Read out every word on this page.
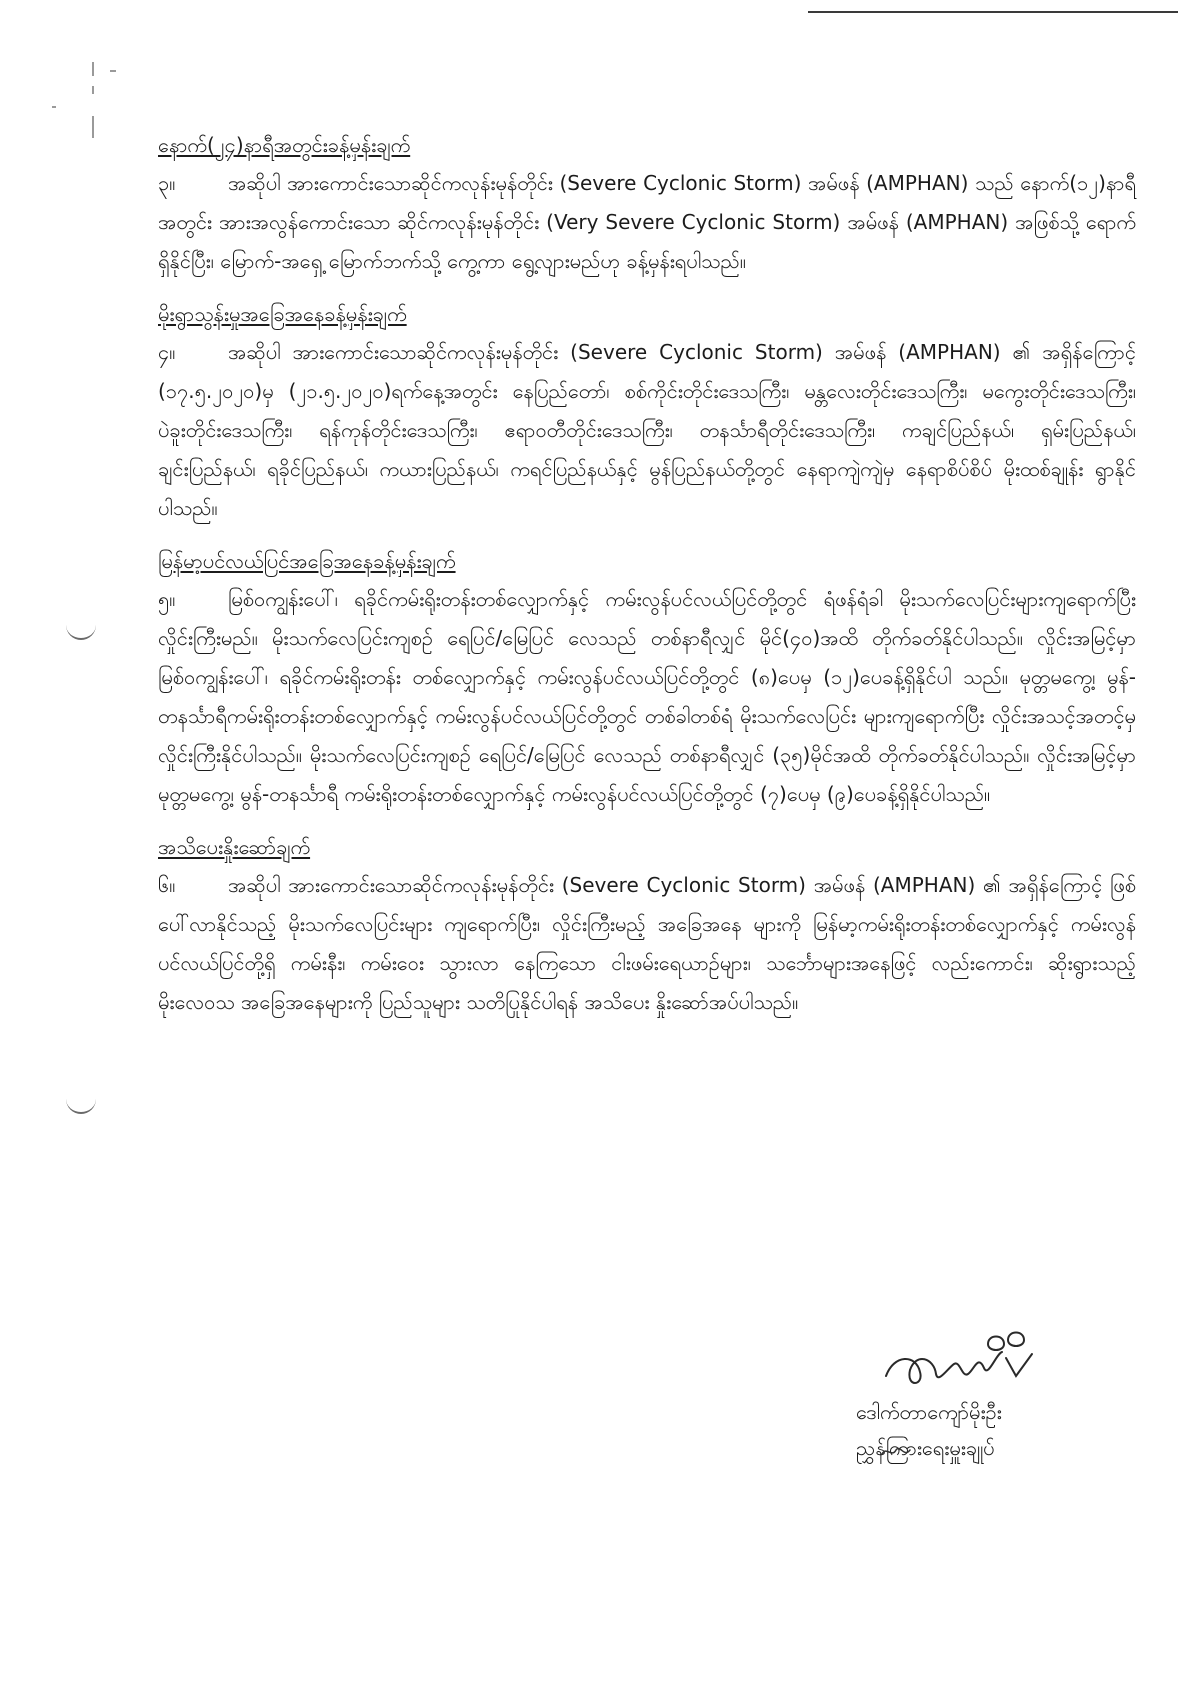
နောက်(၂၄)နာရီအတွင်းခန့်မှန်းချက်

၃။	အဆိုပါ အားကောင်းသောဆိုင်ကလုန်းမုန်တိုင်း (Severe Cyclonic Storm) အမ်ဖန် (AMPHAN) သည် နောက်(၁၂)နာရီအတွင်း အားအလွန်ကောင်းသော ဆိုင်ကလုန်းမုန်တိုင်း (Very Severe Cyclonic Storm) အမ်ဖန် (AMPHAN) အဖြစ်သို့ ရောက်ရှိနိုင်ပြီး၊ မြောက်-အရှေ့ မြောက်ဘက်သို့ ကွေ့ကာ ရွေ့လျားမည်ဟု ခန့်မှန်းရပါသည်။

မိုးရွာသွန်းမှုအခြေအနေခန့်မှန်းချက်

၄။	အဆိုပါ အားကောင်းသောဆိုင်ကလုန်းမုန်တိုင်း (Severe Cyclonic Storm) အမ်ဖန် (AMPHAN) ၏ အရှိန်ကြောင့် (၁၇.၅.၂၀၂၀)မှ (၂၁.၅.၂၀၂၀)ရက်နေ့အတွင်း နေပြည်တော်၊ စစ်ကိုင်းတိုင်းဒေသကြီး၊ မန္တလေးတိုင်းဒေသကြီး၊ မကွေးတိုင်းဒေသကြီး၊ ပဲခူးတိုင်းဒေသကြီး၊ ရန်ကုန်တိုင်းဒေသကြီး၊ ဧရာဝတီတိုင်းဒေသကြီး၊ တနင်္သာရီတိုင်းဒေသကြီး၊ ကချင်ပြည်နယ်၊ ရှမ်းပြည်နယ်၊ ချင်းပြည်နယ်၊ ရခိုင်ပြည်နယ်၊ ကယားပြည်နယ်၊ ကရင်ပြည်နယ်နှင့် မွန်ပြည်နယ်တို့တွင် နေရာကျဲကျဲမှ နေရာစိပ်စိပ် မိုးထစ်ချုန်း ရွာနိုင်ပါသည်။

မြန်မာ့ပင်လယ်ပြင်အခြေအနေခန့်မှန်းချက်

၅။	မြစ်ဝကျွန်းပေါ်၊ ရခိုင်ကမ်းရိုးတန်းတစ်လျှောက်နှင့် ကမ်းလွန်ပင်လယ်ပြင်တို့တွင် ရံဖန်ရံခါ မိုးသက်လေပြင်းများကျရောက်ပြီး လှိုင်းကြီးမည်။ မိုးသက်လေပြင်းကျစဉ် ရေပြင်/မြေပြင် လေသည် တစ်နာရီလျှင် မိုင်(၄၀)အထိ တိုက်ခတ်နိုင်ပါသည်။ လှိုင်းအမြင့်မှာ မြစ်ဝကျွန်းပေါ်၊ ရခိုင်ကမ်းရိုးတန်း တစ်လျှောက်နှင့် ကမ်းလွန်ပင်လယ်ပြင်တို့တွင် (၈)ပေမှ (၁၂)ပေခန့်ရှိနိုင်ပါ သည်။ မုတ္တမကွေ့၊ မွန်-တနင်္သာရီကမ်းရိုးတန်းတစ်လျှောက်နှင့် ကမ်းလွန်ပင်လယ်ပြင်တို့တွင် တစ်ခါတစ်ရံ မိုးသက်လေပြင်း များကျရောက်ပြီး လှိုင်းအသင့်အတင့်မှ လှိုင်းကြီးနိုင်ပါသည်။ မိုးသက်လေပြင်းကျစဉ် ရေပြင်/မြေပြင် လေသည် တစ်နာရီလျှင် (၃၅)မိုင်အထိ တိုက်ခတ်နိုင်ပါသည်။ လှိုင်းအမြင့်မှာ မုတ္တမကွေ့၊ မွန်-တနင်္သာရီ ကမ်းရိုးတန်းတစ်လျှောက်နှင့် ကမ်းလွန်ပင်လယ်ပြင်တို့တွင် (၇)ပေမှ (၉)ပေခန့်ရှိနိုင်ပါသည်။

အသိပေးနှိုးဆော်ချက်

၆။	အဆိုပါ အားကောင်းသောဆိုင်ကလုန်းမုန်တိုင်း (Severe Cyclonic Storm) အမ်ဖန် (AMPHAN) ၏ အရှိန်ကြောင့် ဖြစ်ပေါ်လာနိုင်သည့် မိုးသက်လေပြင်းများ ကျရောက်ပြီး၊ လှိုင်းကြီးမည့် အခြေအနေ များကို မြန်မာ့ကမ်းရိုးတန်းတစ်လျှောက်နှင့် ကမ်းလွန်ပင်လယ်ပြင်တို့ရှိ ကမ်းနီး၊ ကမ်းဝေး သွားလာ နေကြသော ငါးဖမ်းရေယာဉ်များ၊ သင်္ဘောများအနေဖြင့် လည်းကောင်း၊ ဆိုးရွားသည့် မိုးလေဝသ အခြေအနေများကို ပြည်သူများ သတိပြုနိုင်ပါရန် အသိပေး နှိုးဆော်အပ်ပါသည်။

ဒေါက်တာကျော်မိုးဦး

ညွှန်ကြားရေးမှူးချုပ်
